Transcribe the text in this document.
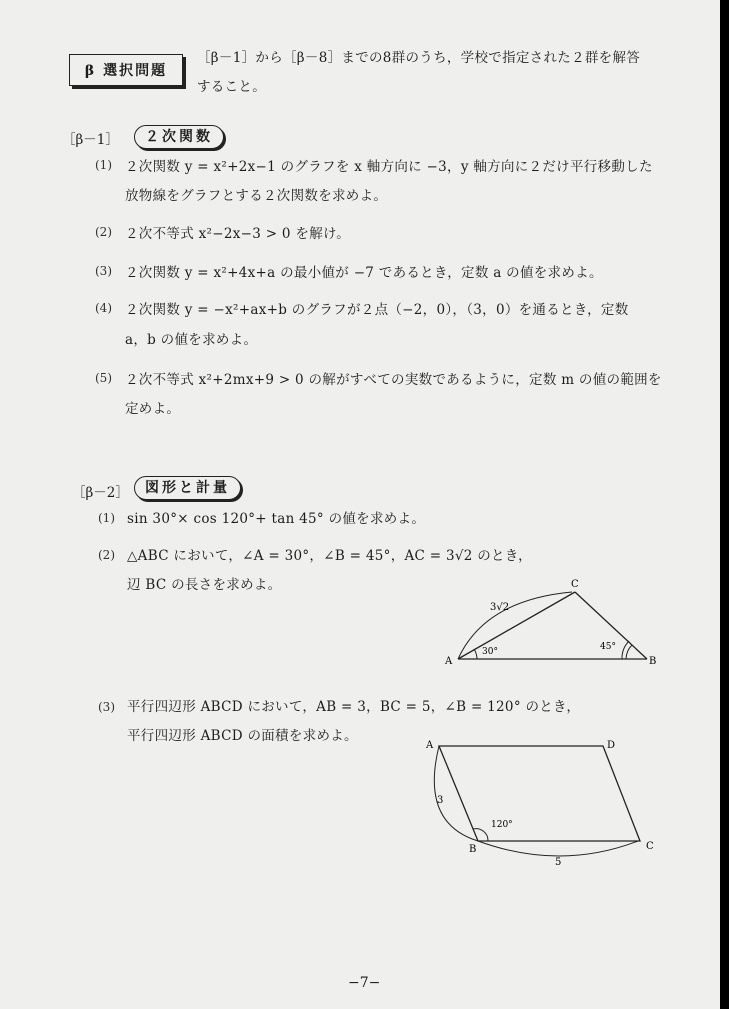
β 選択問題
［β－1］から［β－8］までの8群のうち，学校で指定された２群を解答
すること。
［β－1］	２次関数
(1) ２次関数 y = x²+2x−1 のグラフを x 軸方向に −3，y 軸方向に２だけ平行移動した
放物線をグラフとする２次関数を求めよ。
(2) ２次不等式 x²−2x−3 > 0 を解け。
(3) ２次関数 y = x²+4x+a の最小値が −7 であるとき，定数 a の値を求めよ。
(4) ２次関数 y = −x²+ax+b のグラフが２点（−2，0），（3，0）を通るとき，定数
a，b の値を求めよ。
(5) ２次不等式 x²+2mx+9 > 0 の解がすべての実数であるように，定数 m の値の範囲を
定めよ。
［β－2］	図形と計量
(1) sin 30°× cos 120°+ tan 45° の値を求めよ。
(2) △ABC において，∠A = 30°，∠B = 45°，AC = 3√2 のとき，
辺 BC の長さを求めよ。
A	B
C
3√2
30°	45°
(3) 平行四辺形 ABCD において，AB = 3，BC = 5，∠B = 120° のとき，
平行四辺形 ABCD の面積を求めよ。
A	D
B	C
3
5
120°
−7−
